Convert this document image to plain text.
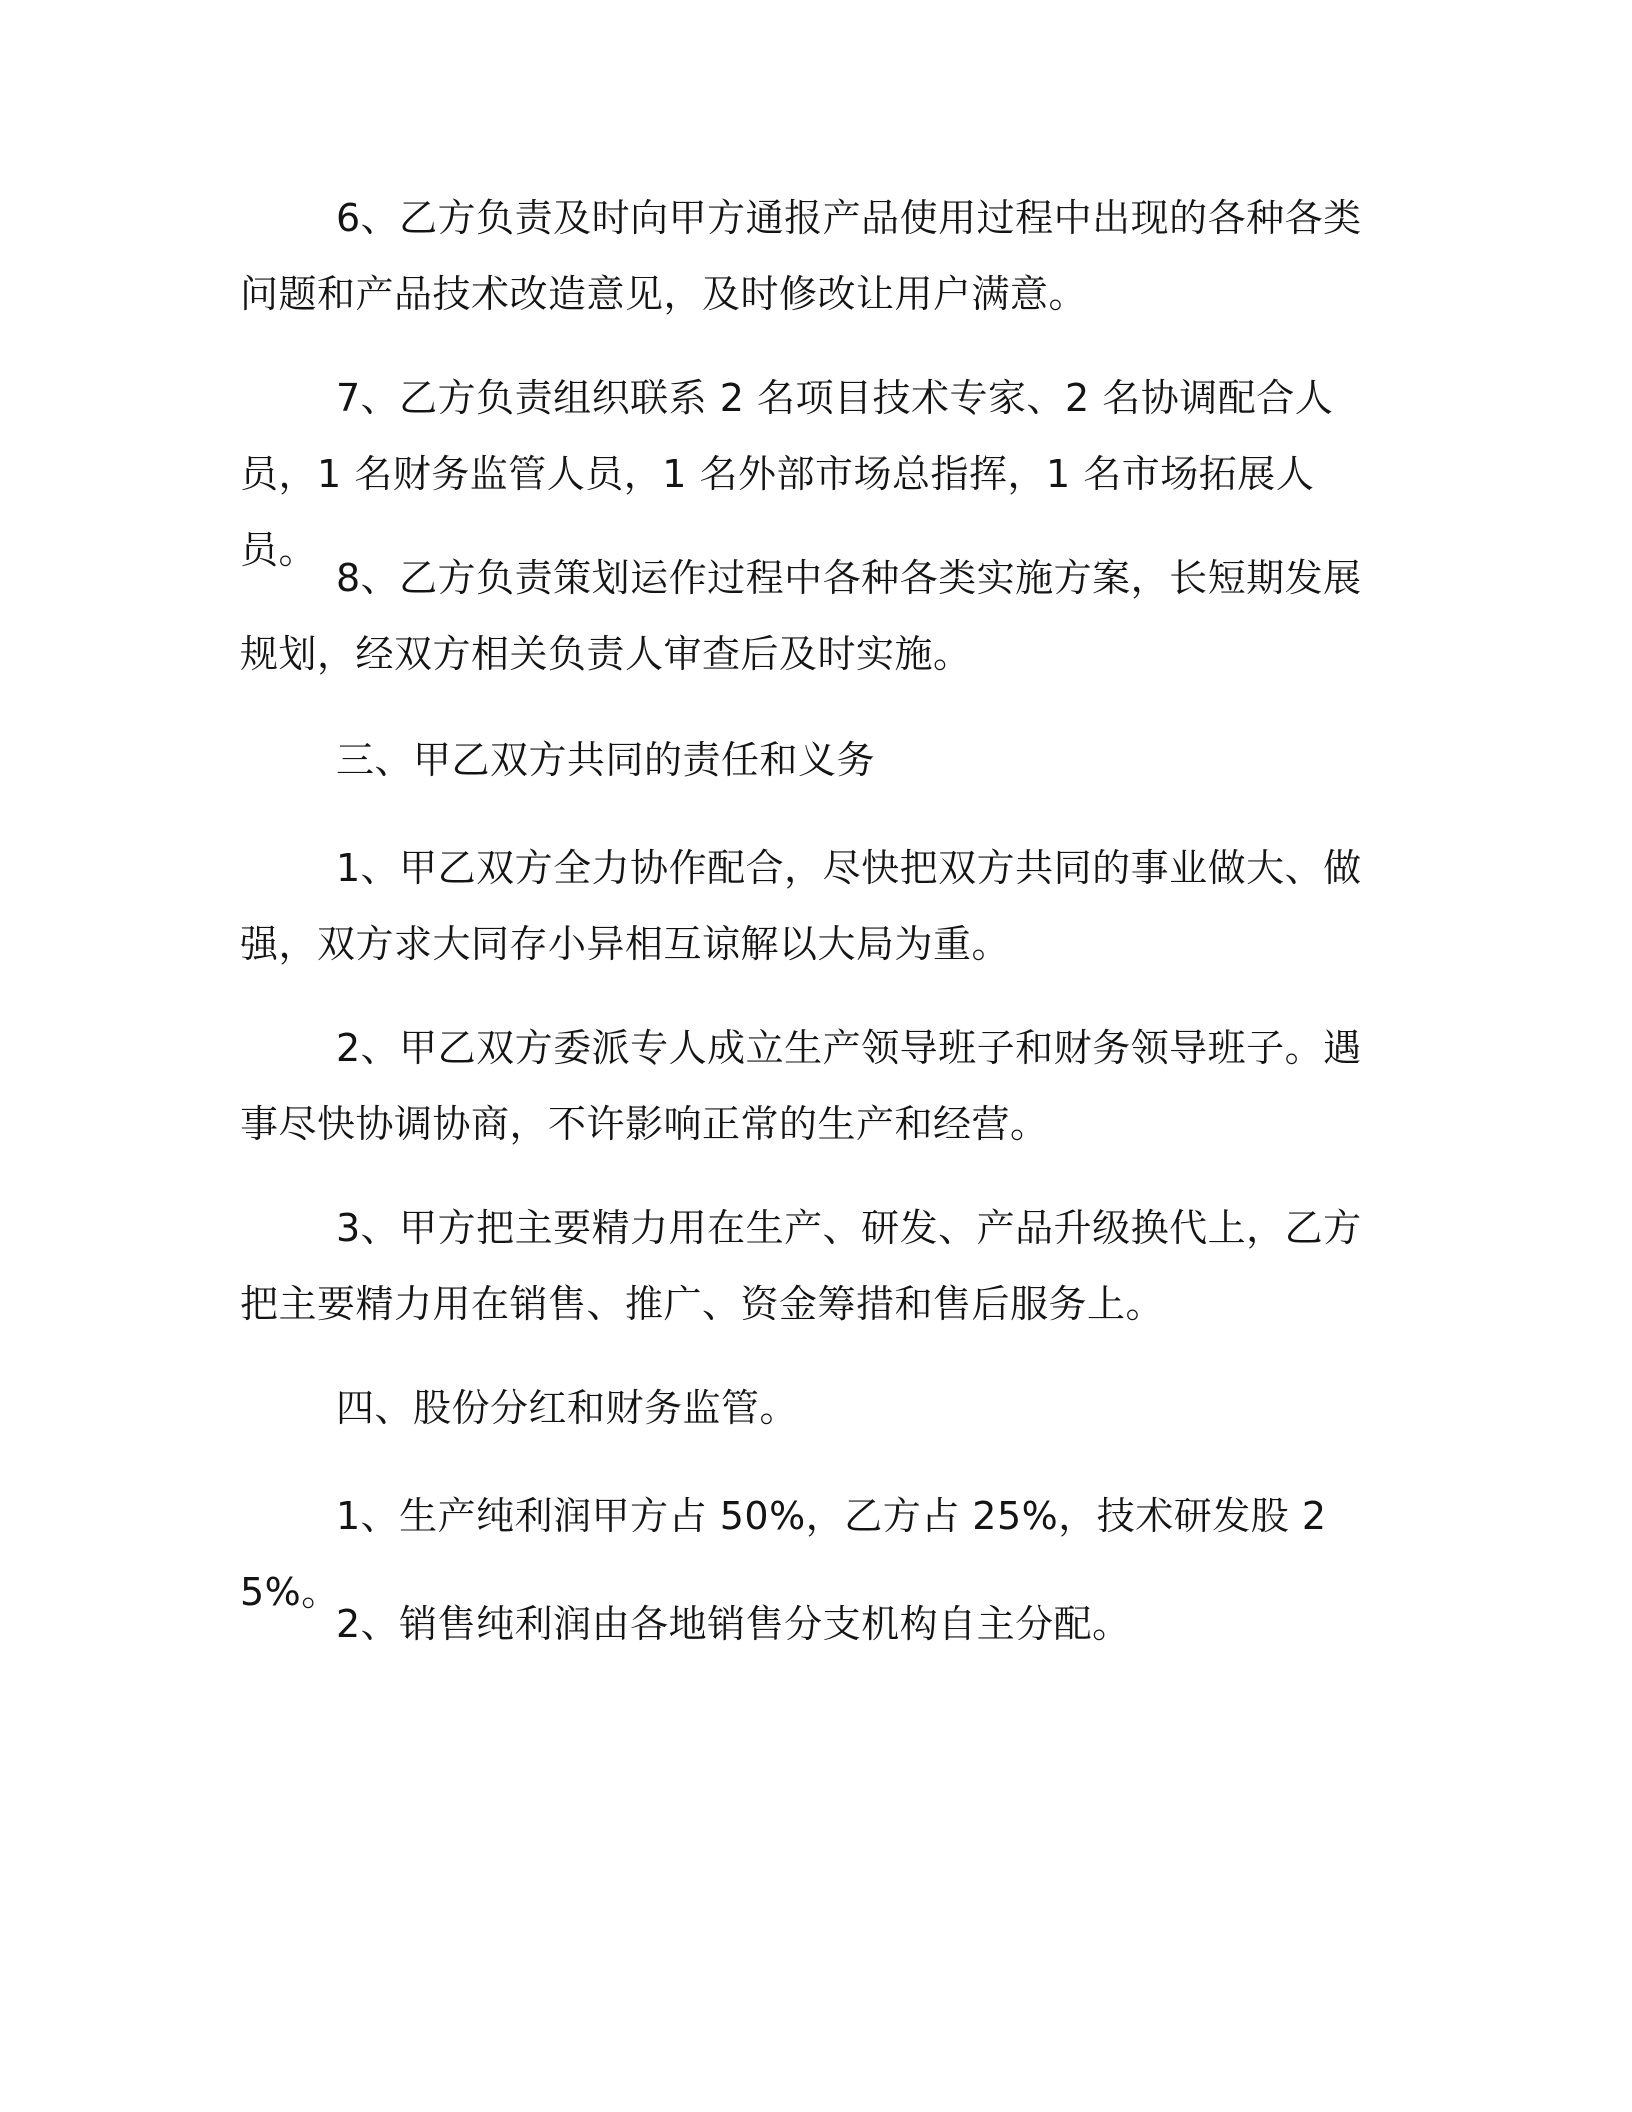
6、乙方负责及时向甲方通报产品使用过程中出现的各种各类问题和产品技术改造意见，及时修改让用户满意。

7、乙方负责组织联系 2 名项目技术专家、2 名协调配合人员，1 名财务监管人员，1 名外部市场总指挥，1 名市场拓展人员。

8、乙方负责策划运作过程中各种各类实施方案，长短期发展规划，经双方相关负责人审查后及时实施。

三、甲乙双方共同的责任和义务

1、甲乙双方全力协作配合，尽快把双方共同的事业做大、做强，双方求大同存小异相互谅解以大局为重。

2、甲乙双方委派专人成立生产领导班子和财务领导班子。遇事尽快协调协商，不许影响正常的生产和经营。

3、甲方把主要精力用在生产、研发、产品升级换代上，乙方把主要精力用在销售、推广、资金筹措和售后服务上。

四、股份分红和财务监管。

1、生产纯利润甲方占 50%，乙方占 25%，技术研发股 25%。

2、销售纯利润由各地销售分支机构自主分配。
